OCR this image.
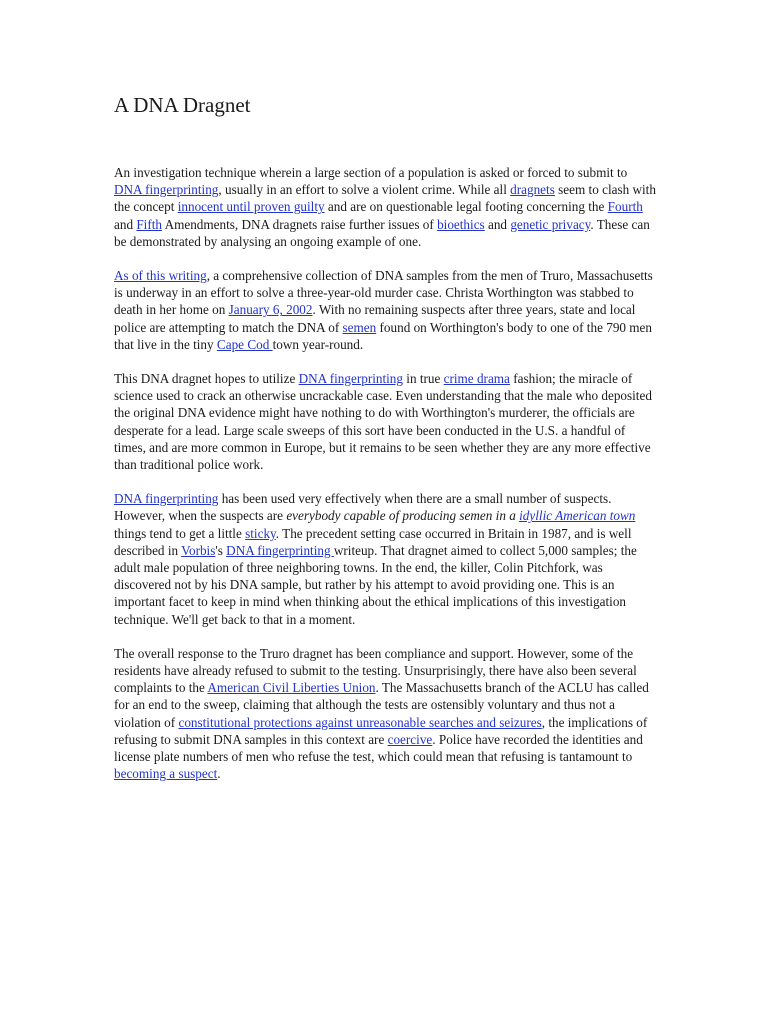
A DNA Dragnet

An investigation technique wherein a large section of a population is asked or forced to submit to DNA fingerprinting, usually in an effort to solve a violent crime. While all dragnets seem to clash with the concept innocent until proven guilty and are on questionable legal footing concerning the Fourth and Fifth Amendments, DNA dragnets raise further issues of bioethics and genetic privacy. These can be demonstrated by analysing an ongoing example of one.

As of this writing, a comprehensive collection of DNA samples from the men of Truro, Massachusetts is underway in an effort to solve a three-year-old murder case. Christa Worthington was stabbed to death in her home on January 6, 2002. With no remaining suspects after three years, state and local police are attempting to match the DNA of semen found on Worthington's body to one of the 790 men that live in the tiny Cape Cod town year-round.

This DNA dragnet hopes to utilize DNA fingerprinting in true crime drama fashion; the miracle of science used to crack an otherwise uncrackable case. Even understanding that the male who deposited the original DNA evidence might have nothing to do with Worthington's murderer, the officials are desperate for a lead. Large scale sweeps of this sort have been conducted in the U.S. a handful of times, and are more common in Europe, but it remains to be seen whether they are any more effective than traditional police work.

DNA fingerprinting has been used very effectively when there are a small number of suspects. However, when the suspects are everybody capable of producing semen in a idyllic American town things tend to get a little sticky. The precedent setting case occurred in Britain in 1987, and is well described in Vorbis's DNA fingerprinting writeup. That dragnet aimed to collect 5,000 samples; the adult male population of three neighboring towns. In the end, the killer, Colin Pitchfork, was discovered not by his DNA sample, but rather by his attempt to avoid providing one. This is an important facet to keep in mind when thinking about the ethical implications of this investigation technique. We'll get back to that in a moment.

The overall response to the Truro dragnet has been compliance and support. However, some of the residents have already refused to submit to the testing. Unsurprisingly, there have also been several complaints to the American Civil Liberties Union. The Massachusetts branch of the ACLU has called for an end to the sweep, claiming that although the tests are ostensibly voluntary and thus not a violation of constitutional protections against unreasonable searches and seizures, the implications of refusing to submit DNA samples in this context are coercive. Police have recorded the identities and license plate numbers of men who refuse the test, which could mean that refusing is tantamount to becoming a suspect.
